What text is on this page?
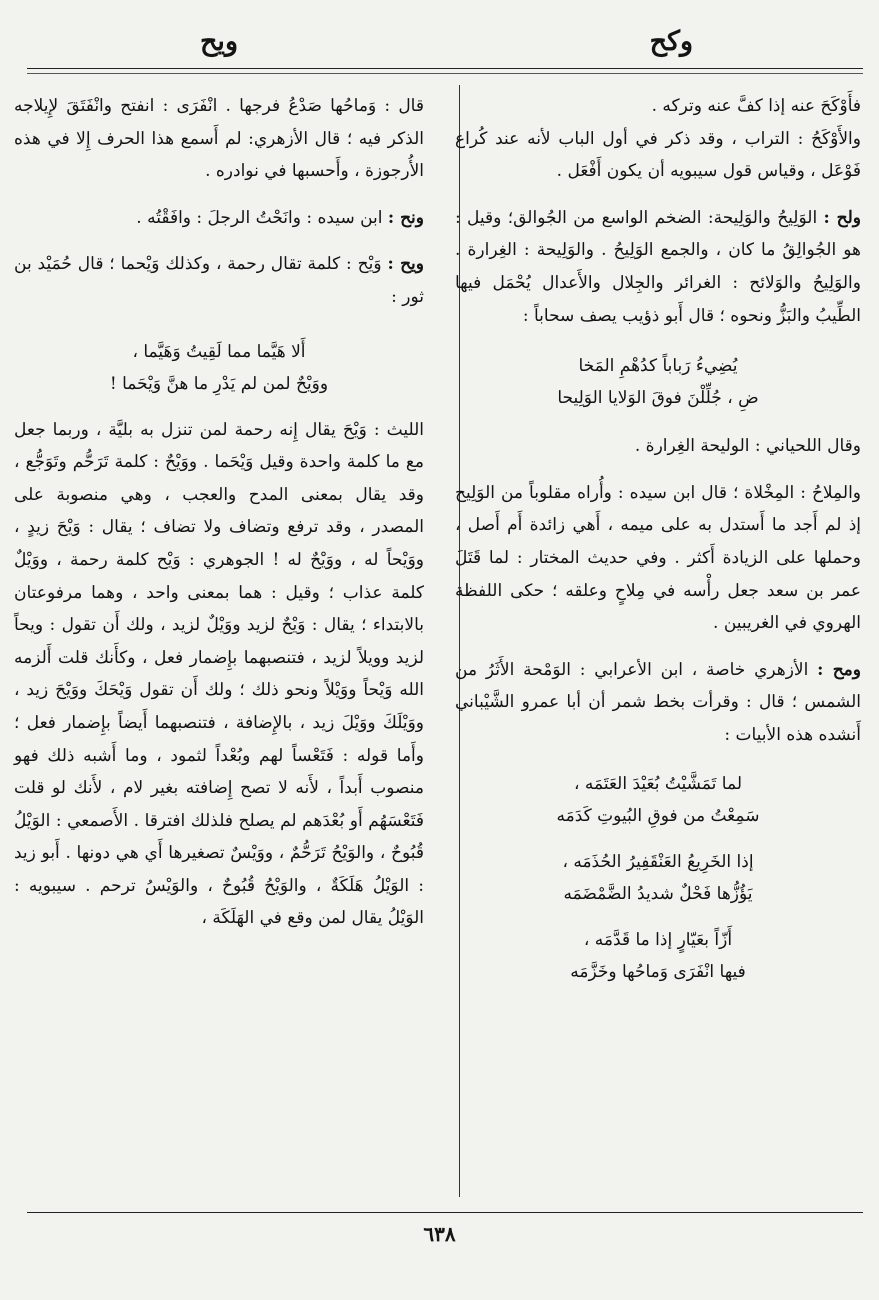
وكح
ويح

فأَوْكَحَ عنه إذا كفَّ عنه وتركه .

والأَوْكَحُ : التراب ، وقد ذكر في أول الباب لأنه عند كُراع فَوْعَل ، وقياس قول سيبويه أن يكون أَفْعَل .

ولح : الوَلِيحُ والوَلِيحة: الضخم الواسع من الجُوالق؛ وقيل : هو الجُوالِقُ ما كان ، والجمع الوَلِيحُ . والوَلِيحة : الغِرارة . والوَلِيحُ والوَلائح : الغرائر والجِلال والأَعدال يُحْمَل فيها الطِّيبُ والبَزُّ ونحوه ؛ قال أَبو ذؤيب يصف سحاباً :

يُضِيءُ رَباباً كدُهْمِ المَخا

ضِ ، جُلِّلْنَ فوقَ الوَلايا الوَلِيحا

وقال اللحياني : الوليحة الغِرارة .

والمِلاحُ : المِخْلاة ؛ قال ابن سيده : وأُراه مقلوباً من الوَلِيح إذ لم أَجد ما أَستدل به على ميمه ، أَهي زائدة أَم أَصل ، وحملها على الزيادة أَكثر . وفي حديث المختار : لما قَتَلَ عمر بن سعد جعل رأْسه في مِلاحٍ وعلقه ؛ حكى اللفظة الهروي في الغريبين .

ومح : الأزهري خاصة ، ابن الأعرابي : الوَمْحة الأَثَرُ من الشمس ؛ قال : وقرأت بخط شمر أن أبا عمرو الشَّيْباني أَنشده هذه الأبيات :

لما تَمَشَّيْتُ بُعَيْدَ العَتَمَه ،

سَمِعْتُ من فوقِ البُيوتِ كَدَمَه

إذا الخَرِيعُ العَنْقَفِيرُ الحُذَمَه ،

يَؤُزُّها فَحْلٌ شديدُ الضَّمْضَمَه

أَزّاً بعَيّارٍ إذا ما قَدَّمَه ،

فيها انْفَرَى وَماحُها وخَزَّمَه

قال : وَماحُها صَدْعُ فرجها . انْفَرَى : انفتح وانْفَتَقَ لإِيلاجه الذكر فيه ؛ قال الأزهري: لم أَسمع هذا الحرف إِلا في هذه الأُرجوزة ، وأَحسبها في نوادره .

ونح : ابن سيده : وانَحْتُ الرجلَ : وافَقْتُه .

ويح : وَيْح : كلمة تقال رحمة ، وكذلك وَيْحما ؛ قال حُمَيْد بن ثور :

أَلا هَيَّما مما لَقِيتُ وَهَيَّما ،

ووَيْحٌ لمن لم يَدْرِ ما هنَّ وَيْحَما !

الليث : وَيْحَ يقال إِنه رحمة لمن تنزل به بليَّة ، وربما جعل مع ما كلمة واحدة وقيل وَيْحَما . ووَيْحٌ : كلمة تَرَحُّم وتَوَجُّع ، وقد يقال بمعنى المدح والعجب ، وهي منصوبة على المصدر ، وقد ترفع وتضاف ولا تضاف ؛ يقال : وَيْحَ زيدٍ ، ووَيْحاً له ، ووَيْحٌ له ! الجوهري : وَيْح كلمة رحمة ، ووَيْلٌ كلمة عذاب ؛ وقيل : هما بمعنى واحد ، وهما مرفوعتان بالابتداء ؛ يقال : وَيْحٌ لزيد ووَيْلٌ لزيد ، ولك أَن تقول : ويحاً لزيد وويلاً لزيد ، فتنصبهما بإِضمار فعل ، وكأَنك قلت أَلزمه الله وَيْحاً ووَيْلاً ونحو ذلك ؛ ولك أَن تقول وَيْحَكَ ووَيْحَ زيد ، ووَيْلَكَ ووَيْلَ زيد ، بالإِضافة ، فتنصبهما أَيضاً بإِضمار فعل ؛ وأَما قوله : فَتَعْساً لهم وبُعْداً لثمود ، وما أَشبه ذلك فهو منصوب أَبداً ، لأَنه لا تصح إِضافته بغير لام ، لأَنك لو قلت فَتَعْسَهُم أَو بُعْدَهم لم يصلح فلذلك افترقا . الأَصمعي : الوَيْلُ قُبُوحٌ ، والوَيْحُ تَرَحُّمٌ ، ووَيْسٌ تصغيرها أَي هي دونها . أَبو زيد : الوَيْلُ هَلَكَةٌ ، والوَيْحُ قُبُوحٌ ، والوَيْسُ ترحم . سيبويه : الوَيْلُ يقال لمن وقع في الهَلَكَة ،

٦٣٨
